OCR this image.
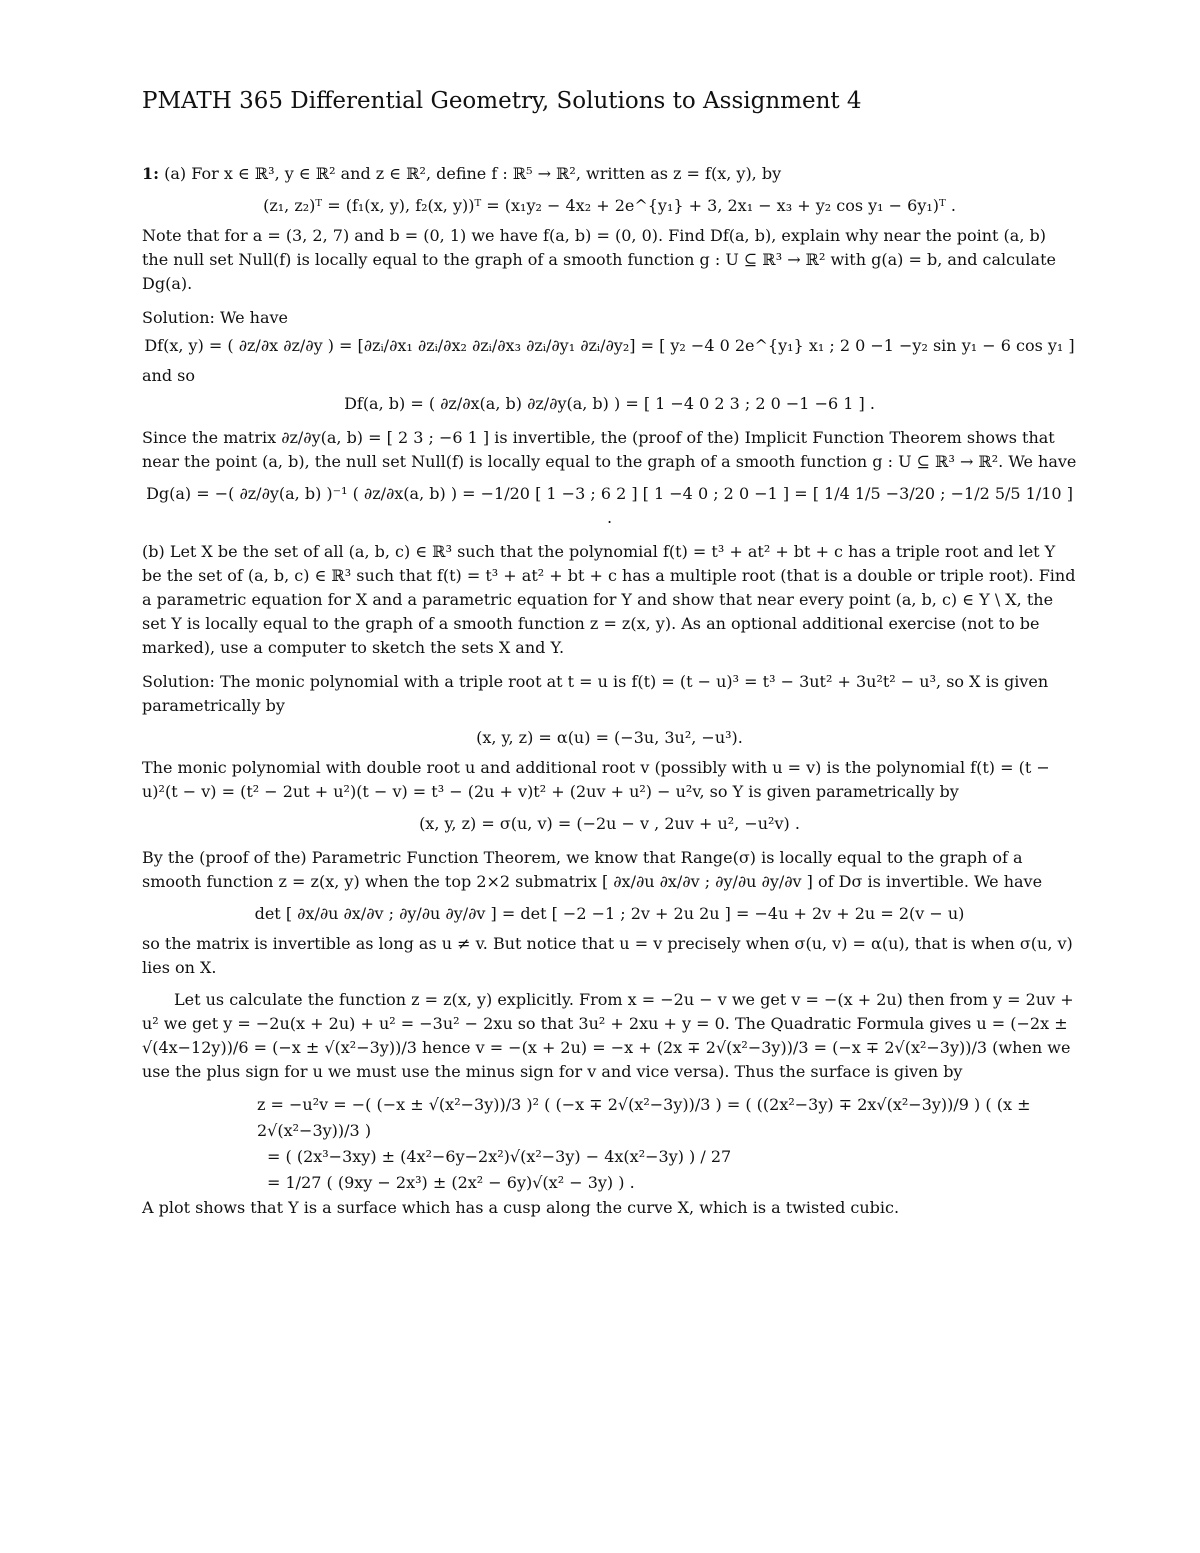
PMATH 365 Differential Geometry, Solutions to Assignment 4

1: (a) For x ∈ ℝ³, y ∈ ℝ² and z ∈ ℝ², define f : ℝ⁵ → ℝ², written as z = f(x, y), by

(z₁, z₂)ᵀ = (f₁(x, y), f₂(x, y))ᵀ = (x₁y₂ − 4x₂ + 2e^{y₁} + 3, 2x₁ − x₃ + y₂ cos y₁ − 6y₁)ᵀ .

Note that for a = (3, 2, 7) and b = (0, 1) we have f(a, b) = (0, 0). Find Df(a, b), explain why near the point (a, b) the null set Null(f) is locally equal to the graph of a smooth function g : U ⊆ ℝ³ → ℝ² with g(a) = b, and calculate Dg(a).

Solution: We have

Df(x, y) = ( ∂z/∂x ∂z/∂y ) = [∂zᵢ/∂x₁ ∂zᵢ/∂x₂ ∂zᵢ/∂x₃ ∂zᵢ/∂y₁ ∂zᵢ/∂y₂] = [ y₂ −4 0 2e^{y₁} x₁ ; 2 0 −1 −y₂ sin y₁ − 6 cos y₁ ]

and so

Df(a, b) = ( ∂z/∂x(a, b) ∂z/∂y(a, b) ) = [ 1 −4 0 2 3 ; 2 0 −1 −6 1 ] .

Since the matrix ∂z/∂y(a, b) = [ 2 3 ; −6 1 ] is invertible, the (proof of the) Implicit Function Theorem shows that near the point (a, b), the null set Null(f) is locally equal to the graph of a smooth function g : U ⊆ ℝ³ → ℝ². We have

Dg(a) = −( ∂z/∂y(a, b) )⁻¹ ( ∂z/∂x(a, b) ) = −1/20 [ 1 −3 ; 6 2 ] [ 1 −4 0 ; 2 0 −1 ] = [ 1/4 1/5 −3/20 ; −1/2 5/5 1/10 ] .

(b) Let X be the set of all (a, b, c) ∈ ℝ³ such that the polynomial f(t) = t³ + at² + bt + c has a triple root and let Y be the set of (a, b, c) ∈ ℝ³ such that f(t) = t³ + at² + bt + c has a multiple root (that is a double or triple root). Find a parametric equation for X and a parametric equation for Y and show that near every point (a, b, c) ∈ Y \ X, the set Y is locally equal to the graph of a smooth function z = z(x, y). As an optional additional exercise (not to be marked), use a computer to sketch the sets X and Y.

Solution: The monic polynomial with a triple root at t = u is f(t) = (t − u)³ = t³ − 3ut² + 3u²t² − u³, so X is given parametrically by

(x, y, z) = α(u) = (−3u, 3u², −u³).

The monic polynomial with double root u and additional root v (possibly with u = v) is the polynomial f(t) = (t − u)²(t − v) = (t² − 2ut + u²)(t − v) = t³ − (2u + v)t² + (2uv + u²) − u²v, so Y is given parametrically by

(x, y, z) = σ(u, v) = (−2u − v , 2uv + u², −u²v) .

By the (proof of the) Parametric Function Theorem, we know that Range(σ) is locally equal to the graph of a smooth function z = z(x, y) when the top 2×2 submatrix [ ∂x/∂u ∂x/∂v ; ∂y/∂u ∂y/∂v ] of Dσ is invertible. We have

det [ ∂x/∂u ∂x/∂v ; ∂y/∂u ∂y/∂v ] = det [ −2 −1 ; 2v + 2u 2u ] = −4u + 2v + 2u = 2(v − u)

so the matrix is invertible as long as u ≠ v. But notice that u = v precisely when σ(u, v) = α(u), that is when σ(u, v) lies on X.

Let us calculate the function z = z(x, y) explicitly. From x = −2u − v we get v = −(x + 2u) then from y = 2uv + u² we get y = −2u(x + 2u) + u² = −3u² − 2xu so that 3u² + 2xu + y = 0. The Quadratic Formula gives u = (−2x ± √(4x−12y))/6 = (−x ± √(x²−3y))/3 hence v = −(x + 2u) = −x + (2x ∓ 2√(x²−3y))/3 = (−x ∓ 2√(x²−3y))/3 (when we use the plus sign for u we must use the minus sign for v and vice versa). Thus the surface is given by

z = −u²v = −( (−x ± √(x²−3y))/3 )² ( (−x ∓ 2√(x²−3y))/3 ) = ( ((2x²−3y) ∓ 2x√(x²−3y))/9 ) ( (x ± 2√(x²−3y))/3 )

= ( (2x³−3xy) ± (4x²−6y−2x²)√(x²−3y) − 4x(x²−3y) ) / 27

= 1/27 ( (9xy − 2x³) ± (2x² − 6y)√(x² − 3y) ) .

A plot shows that Y is a surface which has a cusp along the curve X, which is a twisted cubic.
